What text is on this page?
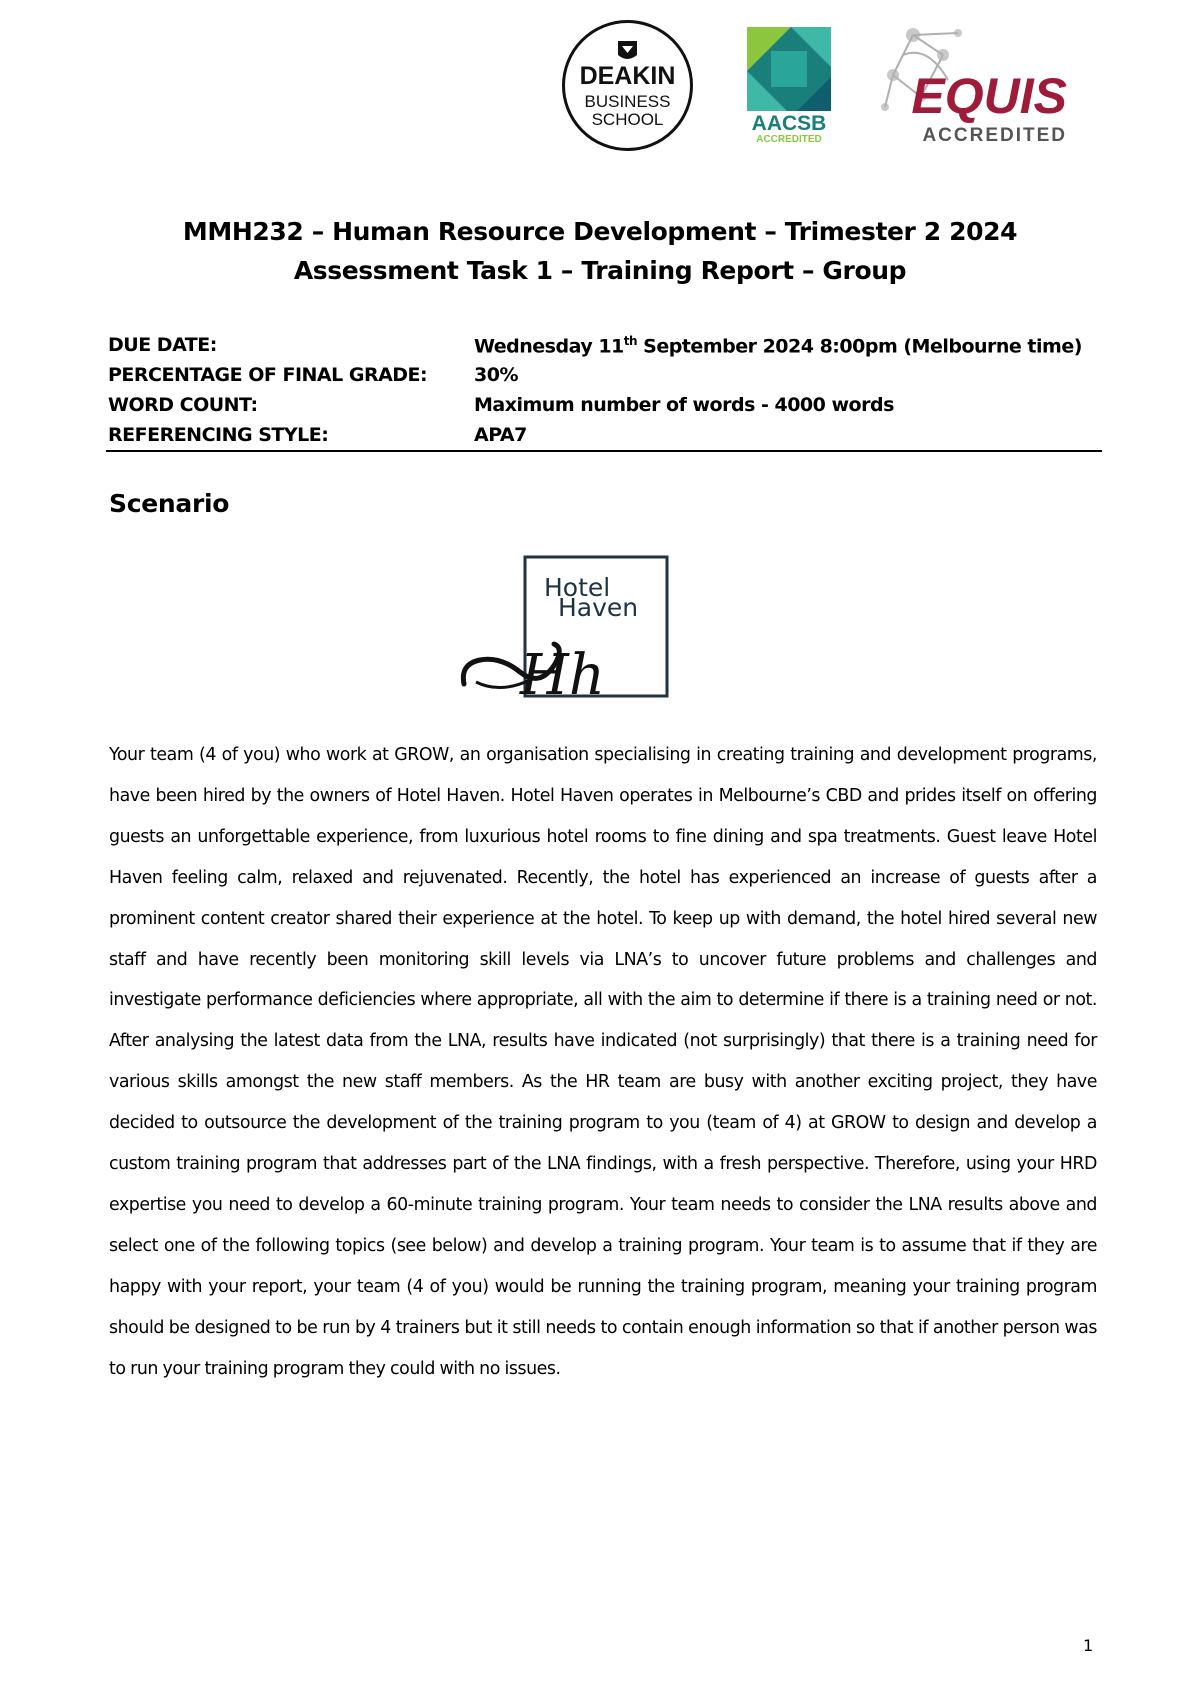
DEAKIN
BUSINESS
SCHOOL	AACSB
ACCREDITED
EQUIS
ACCREDITED
MMH232 – Human Resource Development – Trimester 2 2024
Assessment Task 1 – Training Report – Group
DUE DATE:	Wednesday 11th September 2024 8:00pm (Melbourne time)
PERCENTAGE OF FINAL GRADE: 30%
WORD COUNT:	Maximum number of words - 4000 words
REFERENCING STYLE:	APA7
Scenario
Hotel
Haven
Hh

Your team (4 of you) who work at GROW, an organisation specialising in creating training and development programs, have been hired by the owners of Hotel Haven. Hotel Haven operates in Melbourne’s CBD and prides itself on offering guests an unforgettable experience, from luxurious hotel rooms to fine dining and spa treatments. Guest leave Hotel Haven feeling calm, relaxed and rejuvenated. Recently, the hotel has experienced an increase of guests after a prominent content creator shared their experience at the hotel. To keep up with demand, the hotel hired several new staff and have recently been monitoring skill levels via LNA’s to uncover future problems and challenges and investigate performance deficiencies where appropriate, all with the aim to determine if there is a training need or not. After analysing the latest data from the LNA, results have indicated (not surprisingly) that there is a training need for various skills amongst the new staff members. As the HR team are busy with another exciting project, they have decided to outsource the development of the training program to you (team of 4) at GROW to design and develop a custom training program that addresses part of the LNA findings, with a fresh perspective. Therefore, using your HRD expertise you need to develop a 60-minute training program. Your team needs to consider the LNA results above and select one of the following topics (see below) and develop a training program. Your team is to assume that if they are happy with your report, your team (4 of you) would be running the training program, meaning your training program should be designed to be run by 4 trainers but it still needs to contain enough information so that if another person was to run your training program they could with no issues.

1
